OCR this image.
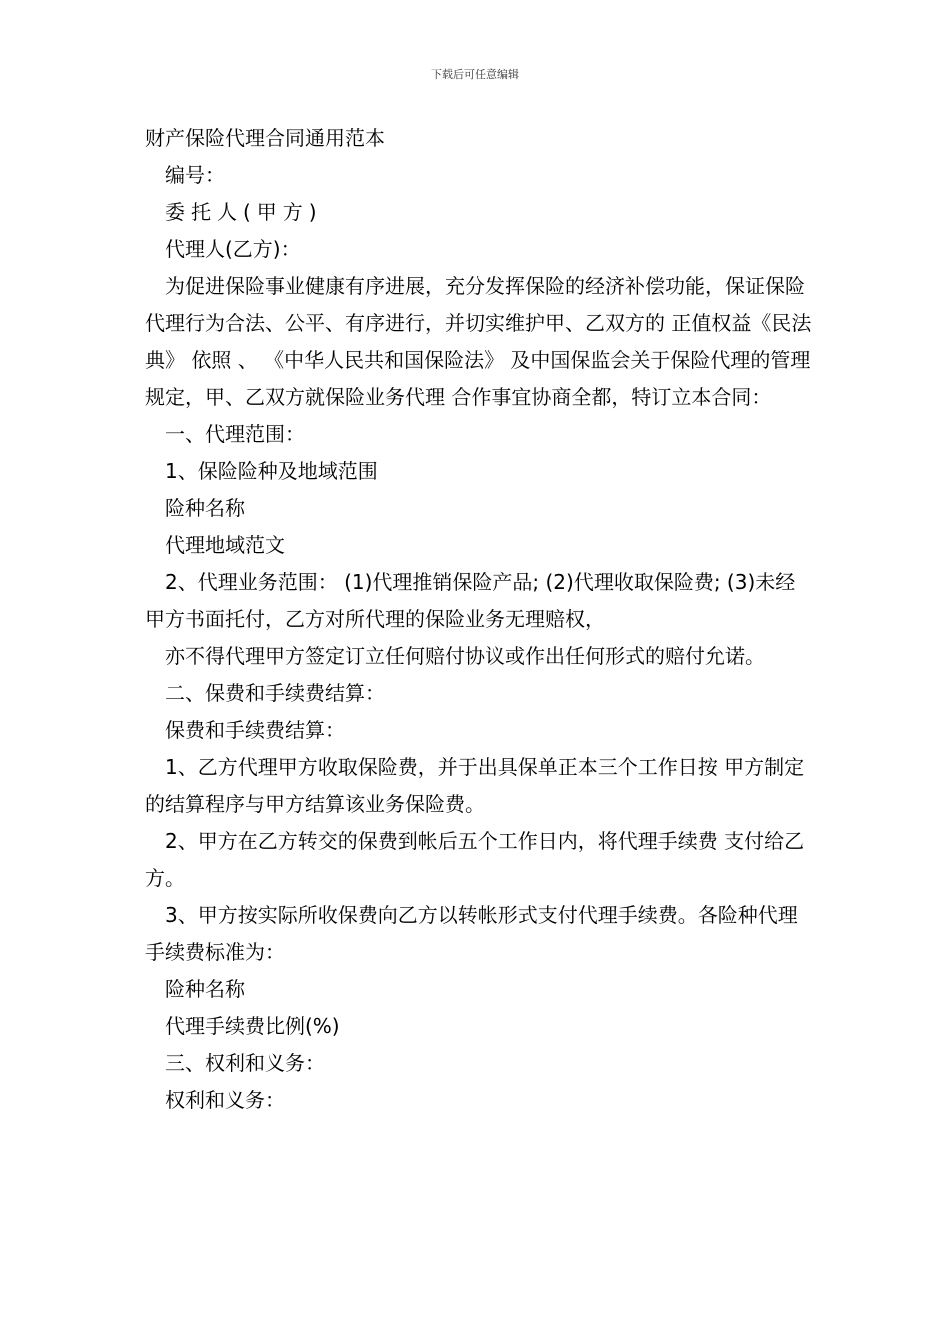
下载后可任意编辑

财产保险代理合同通用范本

编号：

委托人(甲方)

代理人(乙方)：

为促进保险事业健康有序进展，充分发挥保险的经济补偿功能，保证保险代理行为合法、公平、有序进行，并切实维护甲、乙双方的 正值权益《民法典》 依照 、 《中华人民共和国保险法》 及中国保监会关于保险代理的管理规定，甲、乙双方就保险业务代理 合作事宜协商全都，特订立本合同：

一、代理范围：

1、保险险种及地域范围

险种名称

代理地域范文

2、代理业务范围： (1)代理推销保险产品; (2)代理收取保险费; (3)未经甲方书面托付，乙方对所代理的保险业务无理赔权，

亦不得代理甲方签定订立任何赔付协议或作出任何形式的赔付允诺。

二、保费和手续费结算：

保费和手续费结算：

1、乙方代理甲方收取保险费，并于出具保单正本三个工作日按 甲方制定的结算程序与甲方结算该业务保险费。

2、甲方在乙方转交的保费到帐后五个工作日内，将代理手续费 支付给乙方。

3、甲方按实际所收保费向乙方以转帐形式支付代理手续费。各险种代理手续费标准为：

险种名称

代理手续费比例(%)

三、权利和义务：

权利和义务：
